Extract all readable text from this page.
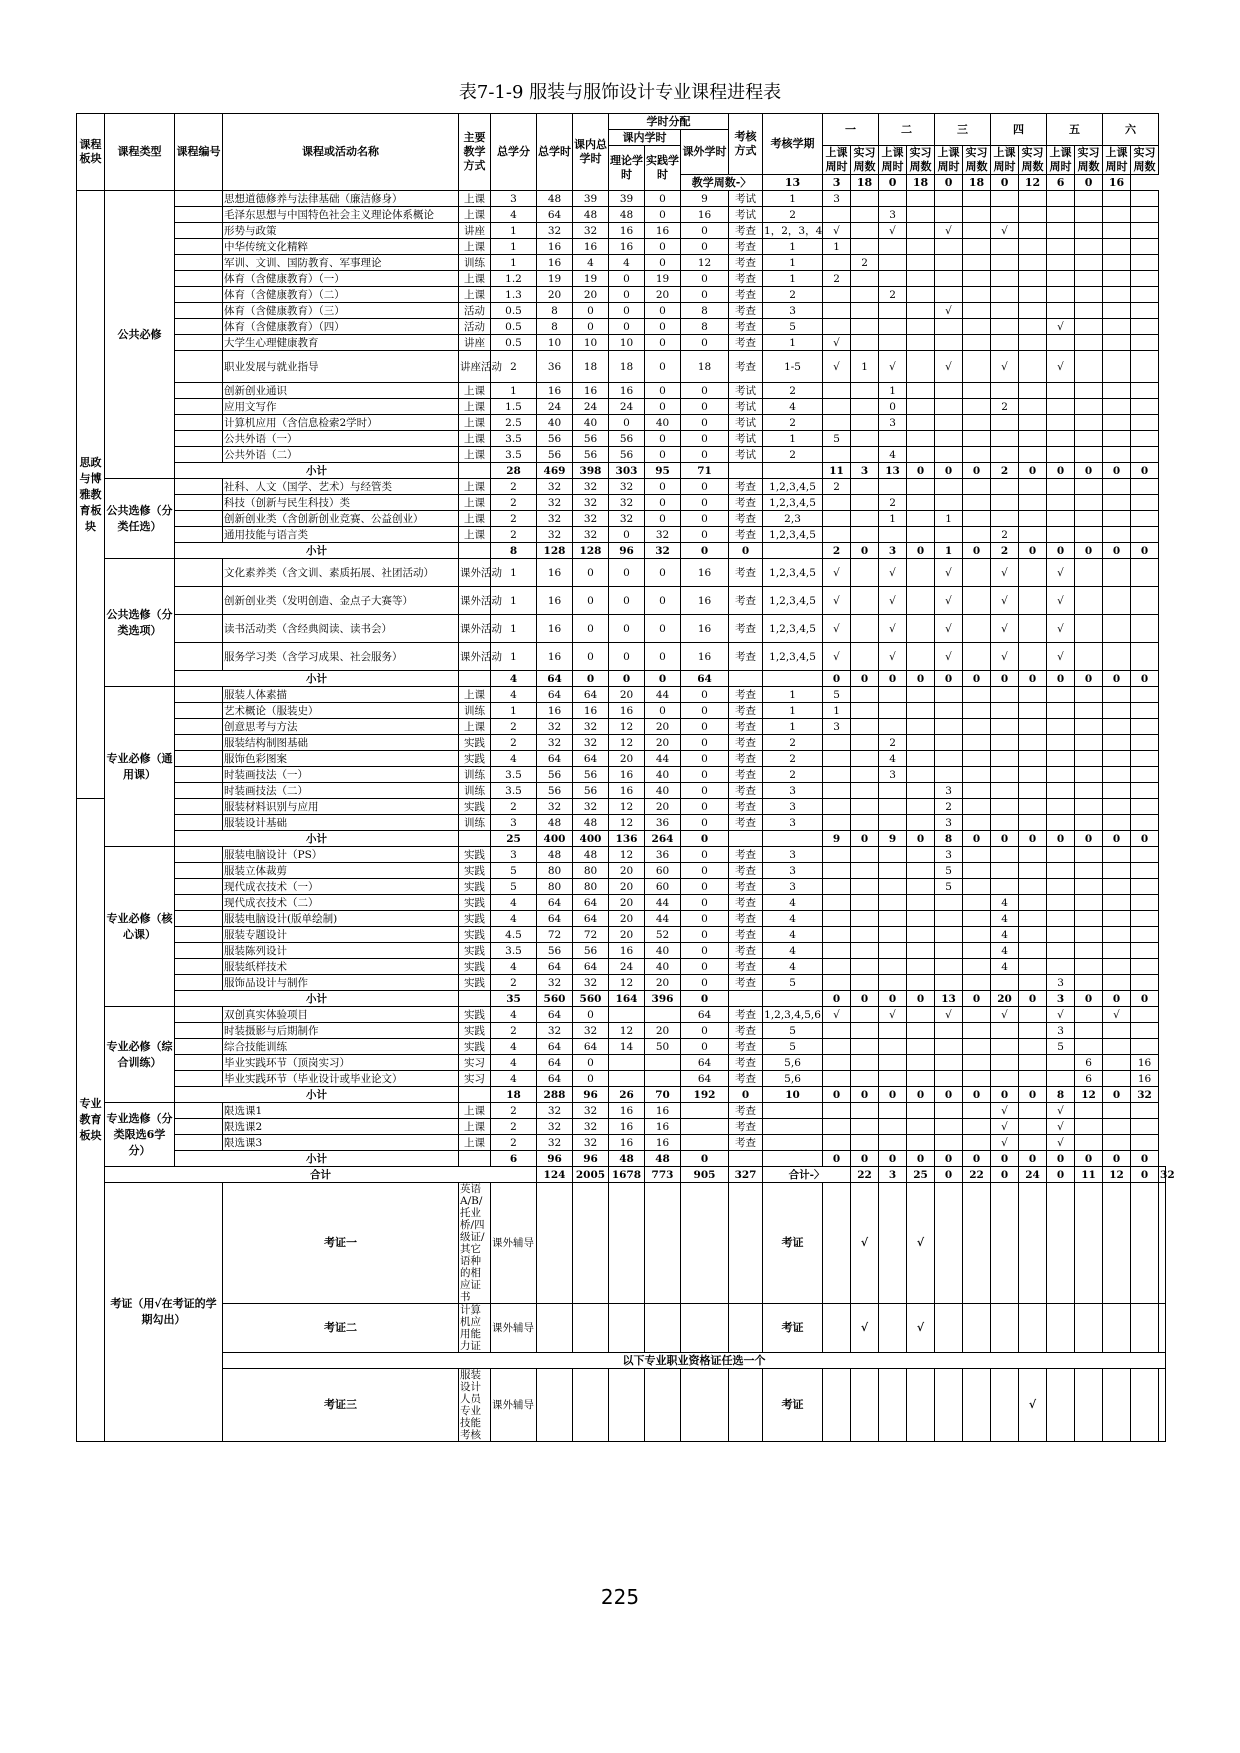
表7-1-9 服装与服饰设计专业课程进程表
课程板块	课程类型	课程编号	课程或活动名称	主要教学方式	总学分	总学时	课内总学时	学时分配			考核方式	考核学期	一		二		三		四		五		六		
								课内学时		课外学时															
								理论学时	实践学时				上课周时	实习周数	上课周时	实习周数	上课周时	实习周数	上课周时	实习周数	上课周时	实习周数	上课周时	实习周数	
										教学周数-〉		13	3	18	0	18	0	18	0	12	6	0	16		
思政与博雅教育板块	公共必修		思想道德修养与法律基础（廉洁修身）	上课	3	48	39	39	0	9	考试	1	3												
			毛泽东思想与中国特色社会主义理论体系概论	上课	4	64	48	48	0	16	考试	2			3										
			形势与政策	讲座	1	32	32	16	16	0	考查	1，2，3，4	√		√		√		√						
			中华传统文化精粹	上课	1	16	16	16	0	0	考查	1	1												
			军训、文训、国防教育、军事理论	训练	1	16	4	4	0	12	考查	1		2											
			体育（含健康教育）（一）	上课	1.2	19	19	0	19	0	考查	1	2												
			体育（含健康教育）（二）	上课	1.3	20	20	0	20	0	考查	2			2										
			体育（含健康教育）（三）	活动	0.5	8	0	0	0	8	考查	3					√								
			体育（含健康教育）（四）	活动	0.5	8	0	0	0	8	考查	5									√				
			大学生心理健康教育	讲座	0.5	10	10	10	0	0	考查	1	√												
			职业发展与就业指导	讲座活动	2	36	18	18	0	18	考查	1-5	√	1	√		√		√		√				
			创新创业通识	上课	1	16	16	16	0	0	考试	2			1										
			应用文写作	上课	1.5	24	24	24	0	0	考试	4			0				2						
			计算机应用（含信息检索2学时）	上课	2.5	40	40	0	40	0	考试	2			3										
			公共外语（一）	上课	3.5	56	56	56	0	0	考试	1	5												
			公共外语（二）	上课	3.5	56	56	56	0	0	考试	2			4										
		小计			28	469	398	303	95	71			11	3	13	0	0	0	2	0	0	0	0	0	
	公共选修（分类任选）		社科、人文（国学、艺术）与经管类	上课	2	32	32	32	0	0	考查	1,2,3,4,5	2												
			科技（创新与民生科技）类	上课	2	32	32	32	0	0	考查	1,2,3,4,5			2										
			创新创业类（含创新创业竞赛、公益创业）	上课	2	32	32	32	0	0	考查	2,3			1		1								
			通用技能与语言类	上课	2	32	32	0	32	0	考查	1,2,3,4,5							2						
		小计			8	128	128	96	32	0	0		2	0	3	0	1	0	2	0	0	0	0	0	
	公共选修（分类选项）		文化素养类（含文训、素质拓展、社团活动）	课外活动	1	16	0	0	0	16	考查	1,2,3,4,5	√		√		√		√		√				
			创新创业类（发明创造、金点子大赛等）	课外活动	1	16	0	0	0	16	考查	1,2,3,4,5	√		√		√		√		√				
			读书活动类（含经典阅读、读书会）	课外活动	1	16	0	0	0	16	考查	1,2,3,4,5	√		√		√		√		√				
			服务学习类（含学习成果、社会服务）	课外活动	1	16	0	0	0	16	考查	1,2,3,4,5	√		√		√		√		√				
		小计			4	64	0	0	0	64			0	0	0	0	0	0	0	0	0	0	0	0	
	专业必修（通用课）		服装人体素描	上课	4	64	64	20	44	0	考查	1	5												
			艺术概论（服装史）	训练	1	16	16	16	0	0	考查	1	1												
			创意思考与方法	上课	2	32	32	12	20	0	考查	1	3												
			服装结构制图基础	实践	2	32	32	12	20	0	考查	2			2										
			服饰色彩图案	实践	4	64	64	20	44	0	考查	2			4										
			时装画技法（一）	训练	3.5	56	56	16	40	0	考查	2			3										
			时装画技法（二）	训练	3.5	56	56	16	40	0	考查	3					3								
专业教育板块			服装材料识别与应用	实践	2	32	32	12	20	0	考查	3					2								
			服装设计基础	训练	3	48	48	12	36	0	考查	3					3								
		小计			25	400	400	136	264	0			9	0	9	0	8	0	0	0	0	0	0	0	
	专业必修（核心课）		服装电脑设计（PS）	实践	3	48	48	12	36	0	考查	3					3								
			服装立体裁剪	实践	5	80	80	20	60	0	考查	3					5								
			现代成衣技术（一）	实践	5	80	80	20	60	0	考查	3					5								
			现代成衣技术（二）	实践	4	64	64	20	44	0	考查	4							4						
			服装电脑设计(版单绘制)	实践	4	64	64	20	44	0	考查	4							4						
			服装专题设计	实践	4.5	72	72	20	52	0	考查	4							4						
			服装陈列设计	实践	3.5	56	56	16	40	0	考查	4							4						
			服装纸样技术	实践	4	64	64	24	40	0	考查	4							4						
			服饰品设计与制作	实践	2	32	32	12	20	0	考查	5									3				
		小计			35	560	560	164	396	0			0	0	0	0	13	0	20	0	3	0	0	0	
	专业必修（综合训练）		双创真实体验项目	实践	4	64	0			64	考查	1,2,3,4,5,6	√		√		√		√		√		√		
			时装摄影与后期制作	实践	2	32	32	12	20	0	考查	5									3				
			综合技能训练	实践	4	64	64	14	50	0	考查	5									5				
			毕业实践环节（顶岗实习）	实习	4	64	0			64	考查	5,6										6		16	
			毕业实践环节（毕业设计或毕业论文）	实习	4	64	0			64	考查	5,6										6		16	
		小计			18	288	96	26	70	192	0	10	0	0	0	0	0	0	0	0	8	12	0	32	
	专业选修（分类限选6学分）		限选课1	上课	2	32	32	16	16		考查								√		√				
			限选课2	上课	2	32	32	16	16		考查								√		√				
			限选课3	上课	2	32	32	16	16		考查								√		√				
		小计			6	96	96	48	48	0			0	0	0	0	0	0	0	0	0	0	0	0	
	合计					124	2005	1678	773	905	327	合计-〉		22	3	25	0	22	0	24	0	11	12	0	32
	考证（用√在考证的学期勾出）		考证一	英语A/B/托业桥/四级证/其它语种的相应证书	课外辅导							考证		√		√									
			考证二	计算机应用能力证	课外辅导							考证		√		√									
			以下专业职业资格证任选一个																						
			考证三	服装设计人员专业技能考核	课外辅导							考证								√					
225
